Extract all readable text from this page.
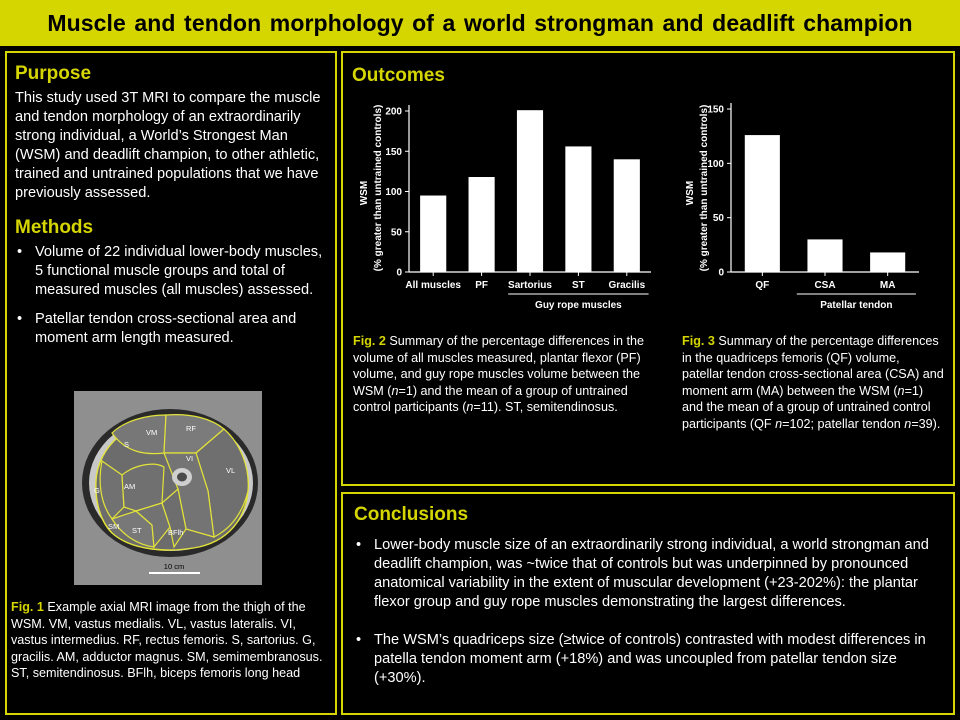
Muscle and tendon morphology of a world strongman and deadlift champion
Purpose
This study used 3T MRI to compare the muscle and tendon morphology of an extraordinarily strong individual, a World’s Strongest Man (WSM) and deadlift champion, to other athletic, trained and untrained populations that we have previously assessed.
Methods
• Volume of 22 individual lower-body muscles, 5 functional muscle groups and total of measured muscles (all muscles) assessed.
• Patellar tendon cross-sectional area and moment arm length measured.
VM	RF
S
VI
VL
G	AM
SM ST	BFlh
10 cm
Fig. 1 Example axial MRI image from the thigh of the WSM. VM, vastus medialis. VL, vastus lateralis. VI, vastus intermedius. RF, rectus femoris. S, sartorius. G, gracilis. AM, adductor magnus. SM, semimembranosus. ST, semitendinosus. BFlh, biceps femoris long head
Outcomes
WSM (% greater than untrained controls)
0
50
100
150
200
All muscles PF Sartorius ST Gracilis
Guy rope muscles
WSM (% greater than untrained controls)
0
50
100
150
QF	CSA	MA
Patellar tendon
Fig. 2 Summary of the percentage differences in the volume of all muscles measured, plantar flexor (PF) volume, and guy rope muscles volume between the WSM (n=1) and the mean of a group of untrained control participants (n=11). ST, semitendinosus.
Fig. 3 Summary of the percentage differences in the quadriceps femoris (QF) volume, patellar tendon cross-sectional area (CSA) and moment arm (MA) between the WSM (n=1) and the mean of a group of untrained control participants (QF n=102; patellar tendon n=39).
Conclusions
• Lower-body muscle size of an extraordinarily strong individual, a world strongman and deadlift champion, was ~twice that of controls but was underpinned by pronounced anatomical variability in the extent of muscular development (+23-202%): the plantar flexor group and guy rope muscles demonstrating the largest differences.
• The WSM’s quadriceps size (≥twice of controls) contrasted with modest differences in patella tendon moment arm (+18%) and was uncoupled from patellar tendon size (+30%).
